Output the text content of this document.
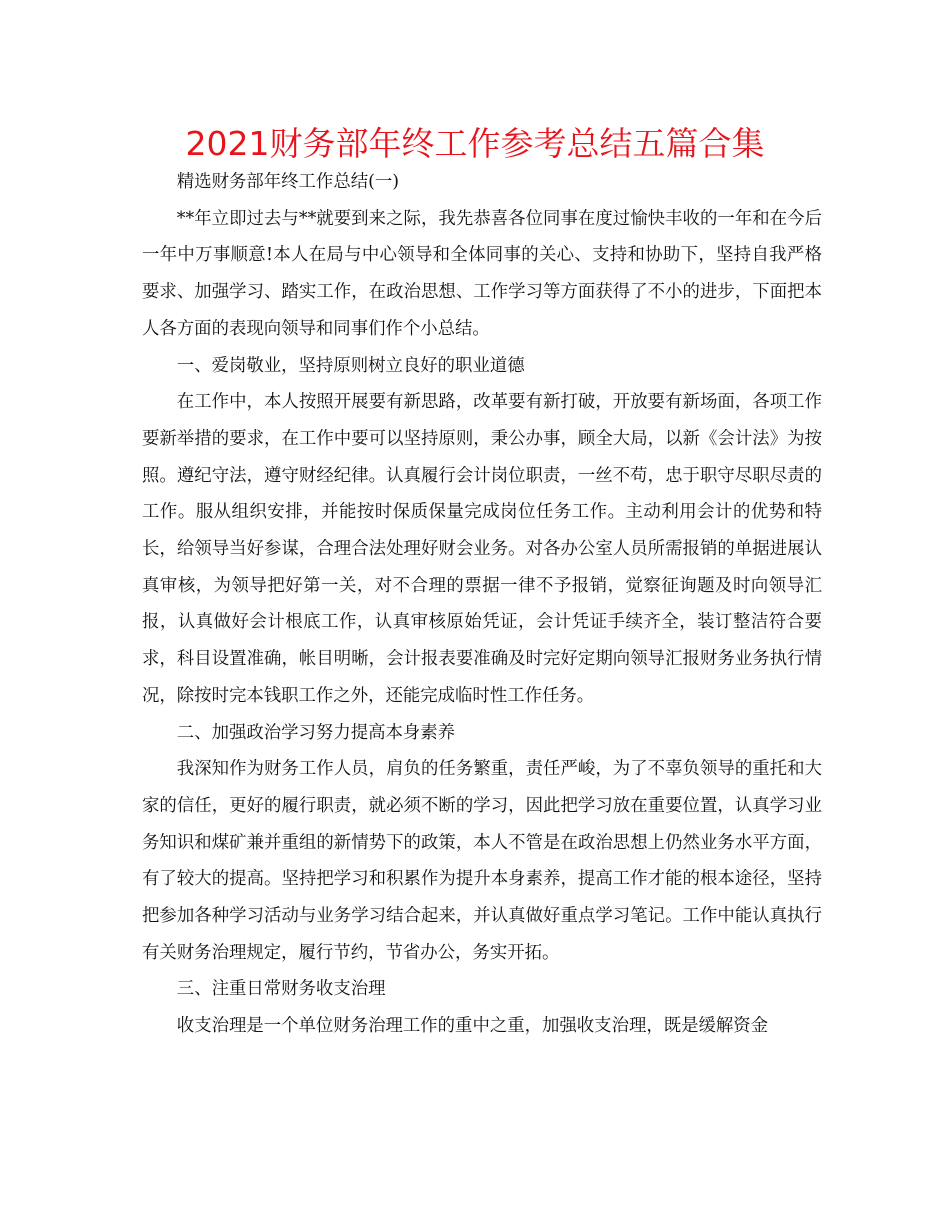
2021财务部年终工作参考总结五篇合集

精选财务部年终工作总结(一)

**年立即过去与**就要到来之际，我先恭喜各位同事在度过愉快丰收的一年和在今后一年中万事顺意!本人在局与中心领导和全体同事的关心、支持和协助下，坚持自我严格要求、加强学习、踏实工作，在政治思想、工作学习等方面获得了不小的进步，下面把本人各方面的表现向领导和同事们作个小总结。

一、爱岗敬业，坚持原则树立良好的职业道德

在工作中，本人按照开展要有新思路，改革要有新打破，开放要有新场面，各项工作要新举措的要求，在工作中要可以坚持原则，秉公办事，顾全大局，以新《会计法》为按照。遵纪守法，遵守财经纪律。认真履行会计岗位职责，一丝不苟，忠于职守尽职尽责的工作。服从组织安排，并能按时保质保量完成岗位任务工作。主动利用会计的优势和特长，给领导当好参谋，合理合法处理好财会业务。对各办公室人员所需报销的单据进展认真审核，为领导把好第一关，对不合理的票据一律不予报销，觉察征询题及时向领导汇报，认真做好会计根底工作，认真审核原始凭证，会计凭证手续齐全，装订整洁符合要求，科目设置准确，帐目明晰，会计报表要准确及时完好定期向领导汇报财务业务执行情况，除按时完本钱职工作之外，还能完成临时性工作任务。

二、加强政治学习努力提高本身素养

我深知作为财务工作人员，肩负的任务繁重，责任严峻，为了不辜负领导的重托和大家的信任，更好的履行职责，就必须不断的学习，因此把学习放在重要位置，认真学习业务知识和煤矿兼并重组的新情势下的政策，本人不管是在政治思想上仍然业务水平方面，有了较大的提高。坚持把学习和积累作为提升本身素养，提高工作才能的根本途径，坚持把参加各种学习活动与业务学习结合起来，并认真做好重点学习笔记。工作中能认真执行有关财务治理规定，履行节约，节省办公，务实开拓。

三、注重日常财务收支治理

收支治理是一个单位财务治理工作的重中之重，加强收支治理，既是缓解资金
